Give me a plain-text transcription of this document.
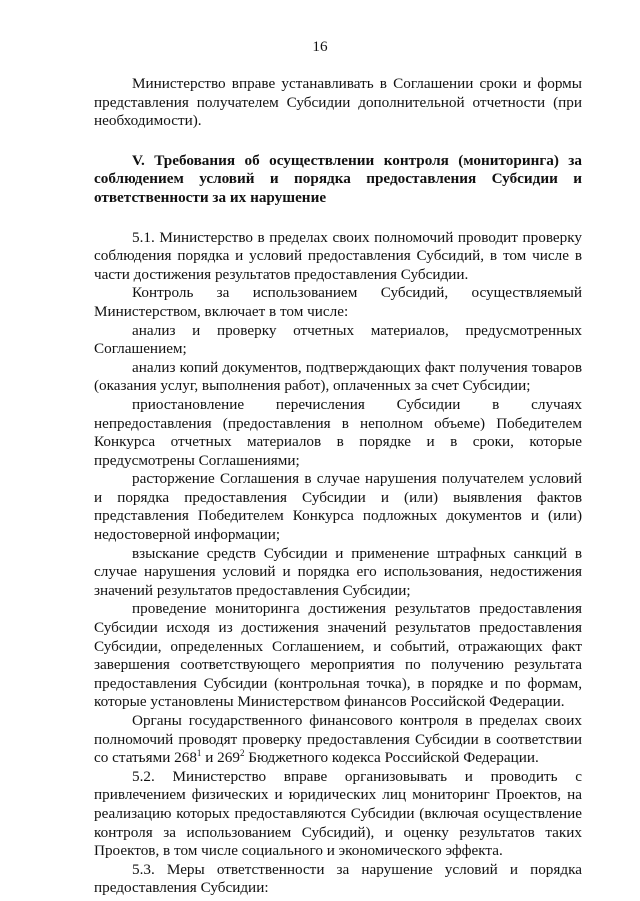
16

Министерство вправе устанавливать в Соглашении сроки и формы представления получателем Субсидии дополнительной отчетности (при необходимости).

V. Требования об осуществлении контроля (мониторинга) за соблюдением условий и порядка предоставления Субсидии и ответственности за их нарушение

5.1. Министерство в пределах своих полномочий проводит проверку соблюдения порядка и условий предоставления Субсидий, в том числе в части достижения результатов предоставления Субсидии.

Контроль за использованием Субсидий, осуществляемый Министерством, включает в том числе:

анализ и проверку отчетных материалов, предусмотренных Соглашением;

анализ копий документов, подтверждающих факт получения товаров (оказания услуг, выполнения работ), оплаченных за счет Субсидии;

приостановление перечисления Субсидии в случаях непредоставления (предоставления в неполном объеме) Победителем Конкурса отчетных материалов в порядке и в сроки, которые предусмотрены Соглашениями;

расторжение Соглашения в случае нарушения получателем условий и порядка предоставления Субсидии и (или) выявления фактов представления Победителем Конкурса подложных документов и (или) недостоверной информации;

взыскание средств Субсидии и применение штрафных санкций в случае нарушения условий и порядка его использования, недостижения значений результатов предоставления Субсидии;

проведение мониторинга достижения результатов предоставления Субсидии исходя из достижения значений результатов предоставления Субсидии, определенных Соглашением, и событий, отражающих факт завершения соответствующего мероприятия по получению результата предоставления Субсидии (контрольная точка), в порядке и по формам, которые установлены Министерством финансов Российской Федерации.

Органы государственного финансового контроля в пределах своих полномочий проводят проверку предоставления Субсидии в соответствии со статьями $268^1$ и $269^2$ Бюджетного кодекса Российской Федерации.

5.2. Министерство вправе организовывать и проводить с привлечением физических и юридических лиц мониторинг Проектов, на реализацию которых предоставляются Субсидии (включая осуществление контроля за использованием Субсидий), и оценку результатов таких Проектов, в том числе социального и экономического эффекта.

5.3. Меры ответственности за нарушение условий и порядка предоставления Субсидии:
